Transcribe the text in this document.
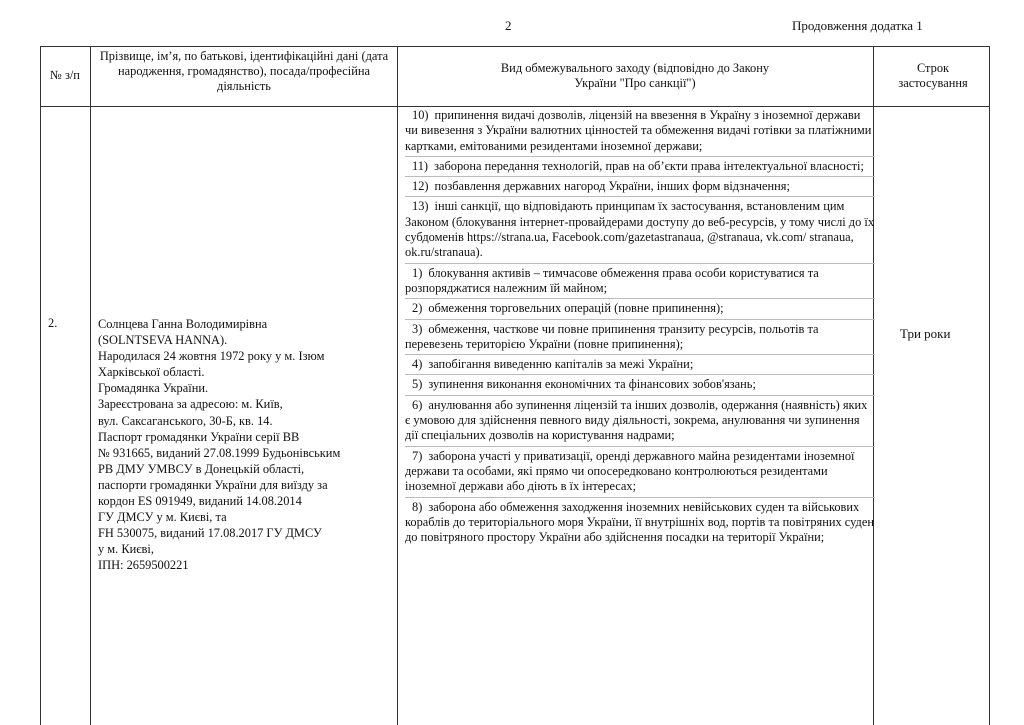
2	Продовження додатка 1
№ з/п
Прізвище, ім’я, по батькові, ідентифікаційні дані (дата народження, громадянство), посада/професійна діяльність
Вид обмежувального заходу (відповідно до Закону України "Про санкції")
Строк застосування
2.	Солнцева Ганна Володимирівна
(SOLNTSEVA HANNA).
Народилася 24 жовтня 1972 року у м. Ізюм
Харківської області.
Громадянка України.
Зареєстрована за адресою: м. Київ,
вул. Саксаганського, 30-Б, кв. 14.
Паспорт громадянки України серії ВВ
№ 931665, виданий 27.08.1999 Будьонівським
РВ ДМУ УМВСУ в Донецькій області,
паспорти громадянки України для виїзду за
кордон ES 091949, виданий 14.08.2014
ГУ ДМСУ у м. Києві, та
FH 530075, виданий 17.08.2017 ГУ ДМСУ
у м. Києві,
ІПН: 2659500221
10) припинення видачі дозволів, ліцензій на ввезення в Україну з іноземної держави чи вивезення з України валютних цінностей та обмеження видачі готівки за платіжними картками, емітованими резидентами іноземної держави;
11) заборона передання технологій, прав на об’єкти права інтелектуальної власності;
12) позбавлення державних нагород України, інших форм відзначення;
13) інші санкції, що відповідають принципам їх застосування, встановленим цим Законом (блокування інтернет-провайдерами доступу до веб-ресурсів, у тому числі до їх субдоменів https://strana.ua, Facebook.com/gazetastranaua, @stranaua, vk.com/ stranaua, ok.ru/stranaua).
1) блокування активів – тимчасове обмеження права особи користуватися та розпоряджатися належним їй майном;
2) обмеження торговельних операцій (повне припинення);
3) обмеження, часткове чи повне припинення транзиту ресурсів, польотів та перевезень територією України (повне припинення);
4) запобігання виведенню капіталів за межі України;
5) зупинення виконання економічних та фінансових зобов'язань;
6) анулювання або зупинення ліцензій та інших дозволів, одержання (наявність) яких є умовою для здійснення певного виду діяльності, зокрема, анулювання чи зупинення дії спеціальних дозволів на користування надрами;
7) заборона участі у приватизації, оренді державного майна резидентами іноземної держави та особами, які прямо чи опосередковано контролюються резидентами іноземної держави або діють в їх інтересах;
8) заборона або обмеження заходження іноземних невійськових суден та військових кораблів до територіального моря України, її внутрішніх вод, портів та повітряних суден до повітряного простору України або здійснення посадки на території України;
Три роки
